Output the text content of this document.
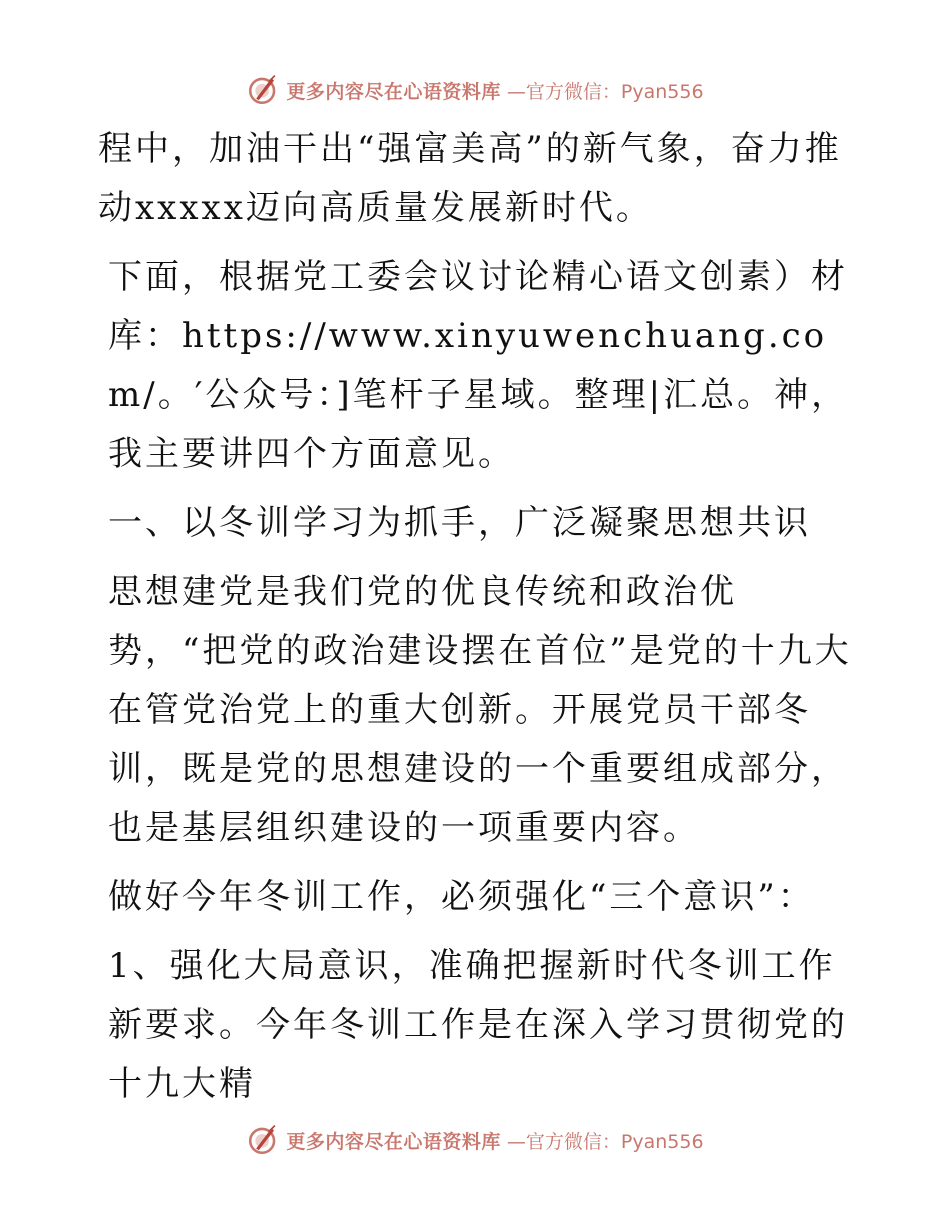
更多内容尽在心语资料库 —官方微信：Pyan556

程中，加油干出“强富美高”的新气象，奋力推动xxxxx迈向高质量发展新时代。

下面，根据党工委会议讨论精心语文创素）材库：https://www.xinyuwenchuang.com/。′公众号：]笔杆子星域。整理|汇总。神，我主要讲四个方面意见。

一、以冬训学习为抓手，广泛凝聚思想共识

思想建党是我们党的优良传统和政治优势，“把党的政治建设摆在首位”是党的十九大在管党治党上的重大创新。开展党员干部冬训，既是党的思想建设的一个重要组成部分，也是基层组织建设的一项重要内容。

做好今年冬训工作，必须强化“三个意识”：

1、强化大局意识，准确把握新时代冬训工作新要求。今年冬训工作是在深入学习贯彻党的十九大精

更多内容尽在心语资料库 —官方微信：Pyan556
